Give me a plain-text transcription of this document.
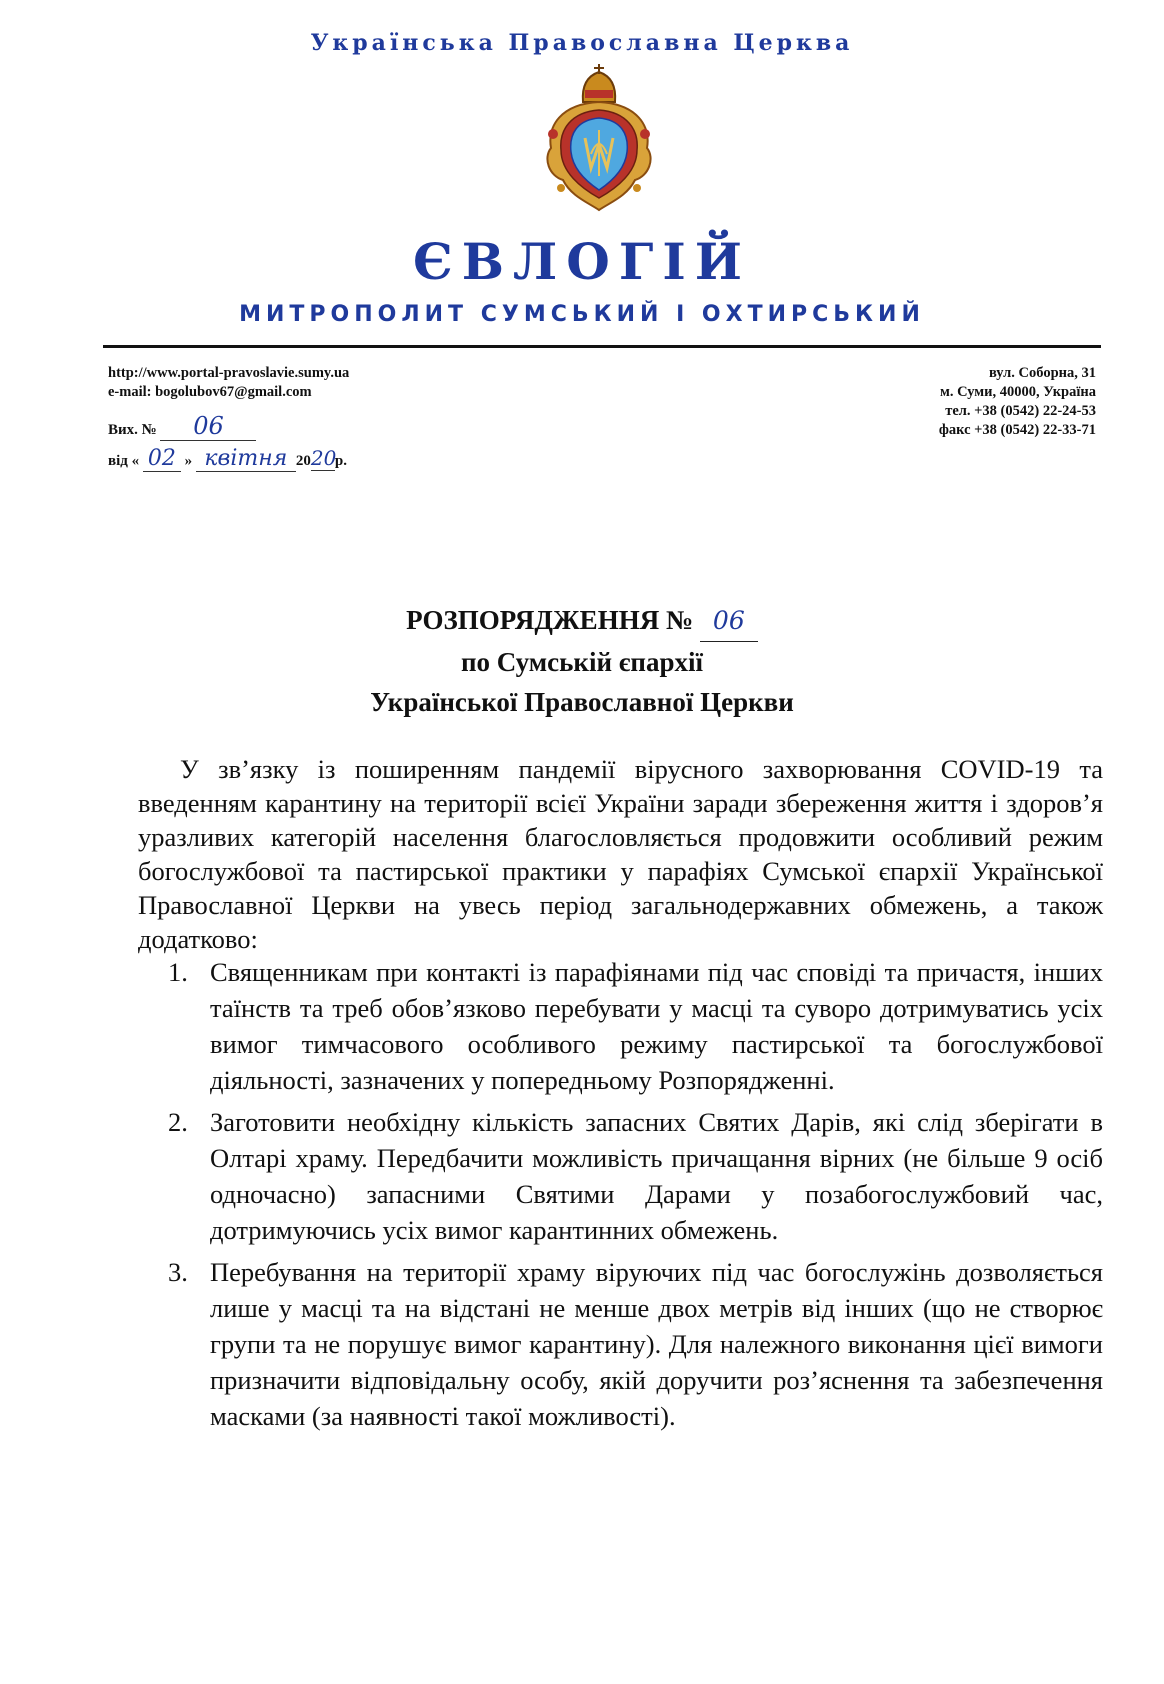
Українська Православна Церква
ЄВЛОГІЙ
МИТРОПОЛИТ СУМСЬКИЙ І ОХТИРСЬКИЙ
http://www.portal-pravoslavie.sumy.ua
e-mail: bogolubov67@gmail.com
вул. Соборна, 31
м. Суми, 40000, Україна
тел. +38 (0542) 22-24-53
факс +38 (0542) 22-33-71
Вих. № 06
від « 02 » квітня 2020р.
РОЗПОРЯДЖЕННЯ № 06
по Сумській єпархії
Української Православної Церкви
У зв’язку із поширенням пандемії вірусного захворювання COVID-19 та введенням карантину на території всієї України заради збереження життя і здоров’я уразливих категорій населення благословляється продовжити особливий режим богослужбової та пастирської практики у парафіях Сумської єпархії Української Православної Церкви на увесь період загальнодержавних обмежень, а також додатково:
1. Священникам при контакті із парафіянами під час сповіді та причастя, інших таїнств та треб обов’язково перебувати у масці та суворо дотримуватись усіх вимог тимчасового особливого режиму пастирської та богослужбової діяльності, зазначених у попередньому Розпорядженні.
2. Заготовити необхідну кількість запасних Святих Дарів, які слід зберігати в Олтарі храму. Передбачити можливість причащання вірних (не більше 9 осіб одночасно) запасними Святими Дарами у позабогослужбовий час, дотримуючись усіх вимог карантинних обмежень.
3. Перебування на території храму віруючих під час богослужінь дозволяється лише у масці та на відстані не менше двох метрів від інших (що не створює групи та не порушує вимог карантину). Для належного виконання цієї вимоги призначити відповідальну особу, якій доручити роз’яснення та забезпечення масками (за наявності такої можливості).
